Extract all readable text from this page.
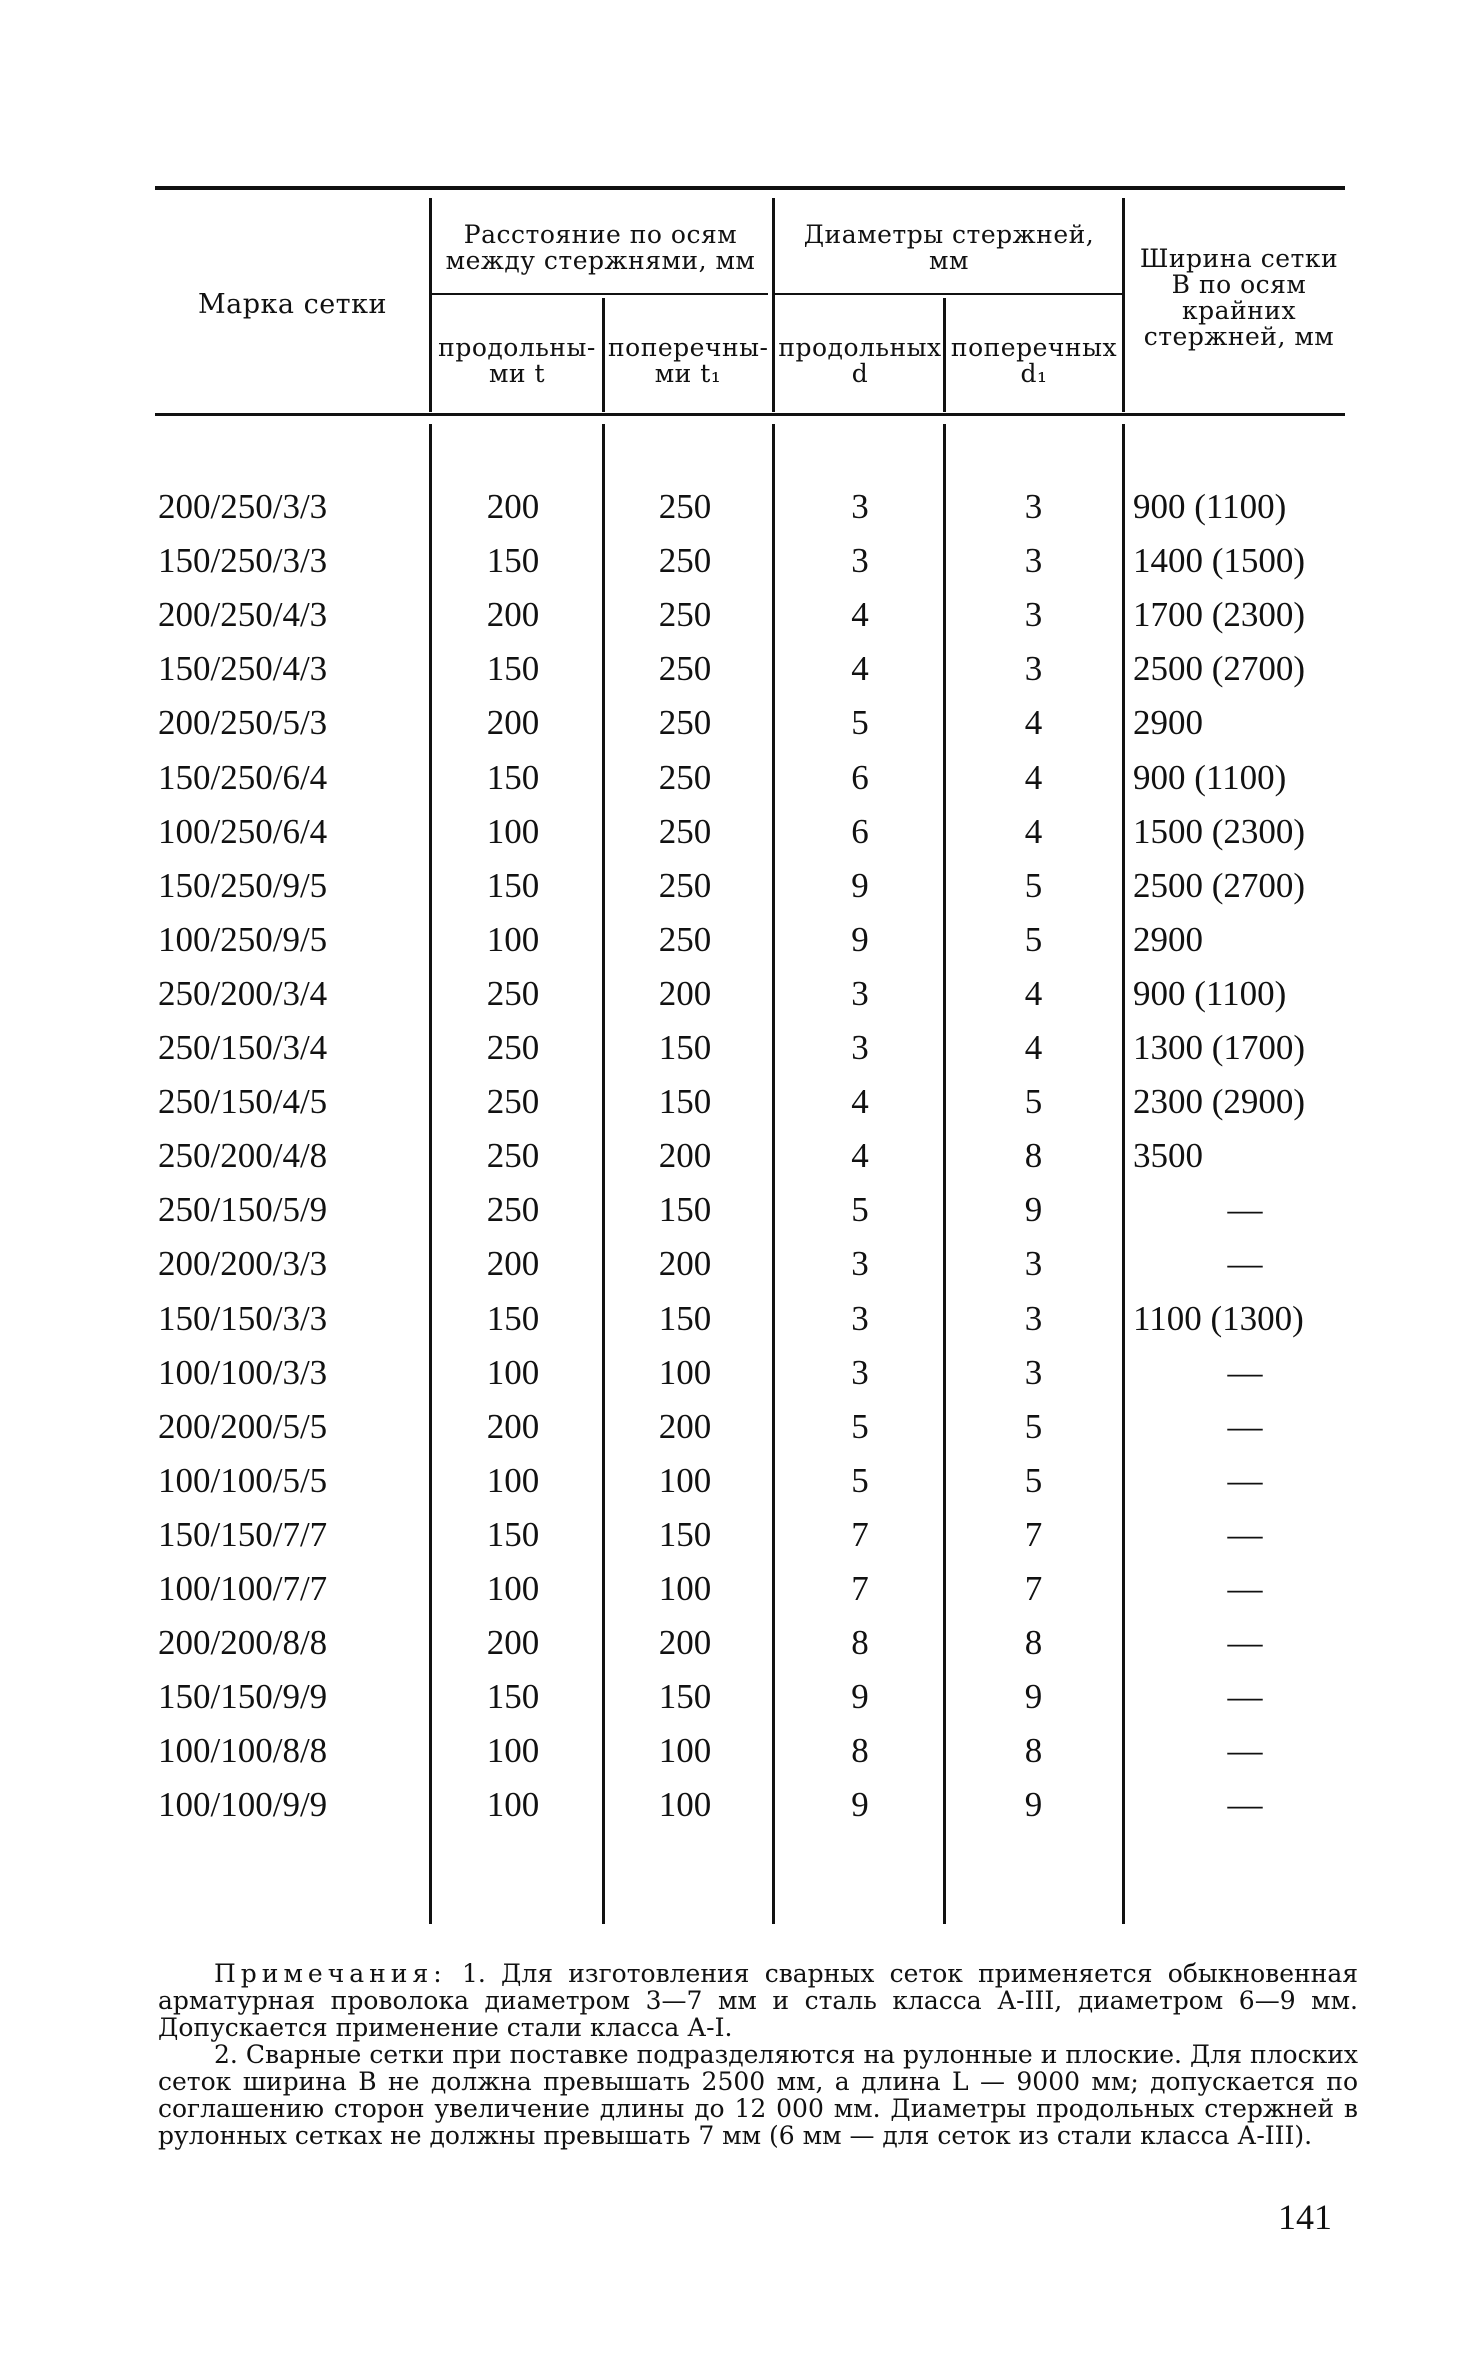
Марка сетки
Расстояние по осям между стержнями, мм
продольны-ми t
поперечны-ми t₁
Диаметры стержней, мм
продольных d
поперечных d₁
Ширина сетки B по осям крайних стержней, мм
200/250/3/3	200	250	3	3	900 (1100)
150/250/3/3	150	250	3	3	1400 (1500)
200/250/4/3	200	250	4	3	1700 (2300)
150/250/4/3	150	250	4	3	2500 (2700)
200/250/5/3	200	250	5	4	2900
150/250/6/4	150	250	6	4	900 (1100)
100/250/6/4	100	250	6	4	1500 (2300)
150/250/9/5	150	250	9	5	2500 (2700)
100/250/9/5	100	250	9	5	2900
250/200/3/4	250	200	3	4	900 (1100)
250/150/3/4	250	150	3	4	1300 (1700)
250/150/4/5	250	150	4	5	2300 (2900)
250/200/4/8	250	200	4	8	3500
250/150/5/9	250	150	5	9	—
200/200/3/3	200	200	3	3	—
150/150/3/3	150	150	3	3	1100 (1300)
100/100/3/3	100	100	3	3	—
200/200/5/5	200	200	5	5	—
100/100/5/5	100	100	5	5	—
150/150/7/7	150	150	7	7	—
100/100/7/7	100	100	7	7	—
200/200/8/8	200	200	8	8	—
150/150/9/9	150	150	9	9	—
100/100/8/8	100	100	8	8	—
100/100/9/9	100	100	9	9	—

Примечания: 1. Для изготовления сварных сеток применяется обыкновенная арматурная проволока диаметром 3—7 мм и сталь класса А-III, диаметром 6—9 мм. Допускается применение стали класса А-I.

2. Сварные сетки при поставке подразделяются на рулонные и плоские. Для плоских сеток ширина B не должна превышать 2500 мм, а длина L — 9000 мм; допускается по соглашению сторон увеличение длины до 12 000 мм. Диаметры продольных стержней в рулонных сетках не должны превышать 7 мм (6 мм — для сеток из стали класса А-III).

141
